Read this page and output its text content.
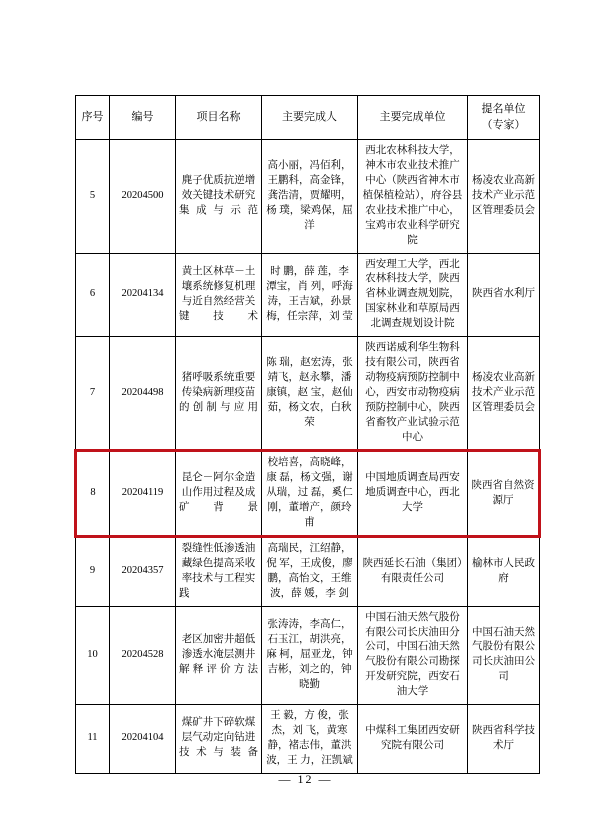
序号	编号	项目名称	主要完成人	主要完成单位	提名单位
（专家）

5	20204500	麂子优质抗逆增效关键技术研究集成与示范	高小丽，冯佰利，王鹏科，高金锋，龚浩清，贾耀明，杨 璞，梁鸡保，屈 洋	西北农林科技大学，神木市农业技术推广中心（陕西省神木市植保植检站），府谷县农业技术推广中心，宝鸡市农业科学研究院	杨凌农业高新技术产业示范区管理委员会
6	20204134	黄土区林草－土壤系统修复机理与近自然经营关键技术	时 鹏，薛 莲，李潭宝，肖 列，呼海涛，王吉斌，孙景梅，任宗萍，刘 莹	西安理工大学，西北农林科技大学，陕西省林业调查规划院，国家林业和草原局西北调查规划设计院	陕西省水利厅
7	20204498	猪呼吸系统重要传染病新理疫苗的创制与应用	陈 瑞，赵宏涛，张靖飞，赵永攀，潘康镇，赵 宝，赵仙茹，杨文农，白秋荣	陕西诺威利华生物科技有限公司，陕西省动物疫病预防控制中心，西安市动物疫病预防控制中心，陕西省畜牧产业试验示范中心	杨凌农业高新技术产业示范区管理委员会
8	20204119	昆仑－阿尔金造山作用过程及成矿背景	校培喜，高晓峰，康 磊，杨文强，谢从瑞，过 磊，奚仁刚，董增产，颜玲甫	中国地质调查局西安地质调查中心，西北大学	陕西省自然资源厅
9	20204357	裂缝性低渗透油藏绿色提高采收率技术与工程实践	高瑞民，江绍静，倪 军，王成俊，廖 鹏，高怡文，王维波，薛 媛，李 剑	陕西延长石油（集团）有限责任公司	榆林市人民政府
10	20204528	老区加密井超低渗透水淹层测井解释评价方法	张涛涛，李高仁，石玉江，胡洪亮，麻 柯，屈亚龙，钟吉彬，刘之的，钟晓勤	中国石油天然气股份有限公司长庆油田分公司，中国石油天然气股份有限公司勘探开发研究院，西安石油大学	中国石油天然气股份有限公司长庆油田公司
11	20204104	煤矿井下碎软煤层气动定向钻进技术与装备	王 毅，方 俊，张 杰，刘 飞，黄寒静，褚志伟，董洪波，王 力，汪凯斌	中煤科工集团西安研究院有限公司	陕西省科学技术厅
— 12 —
